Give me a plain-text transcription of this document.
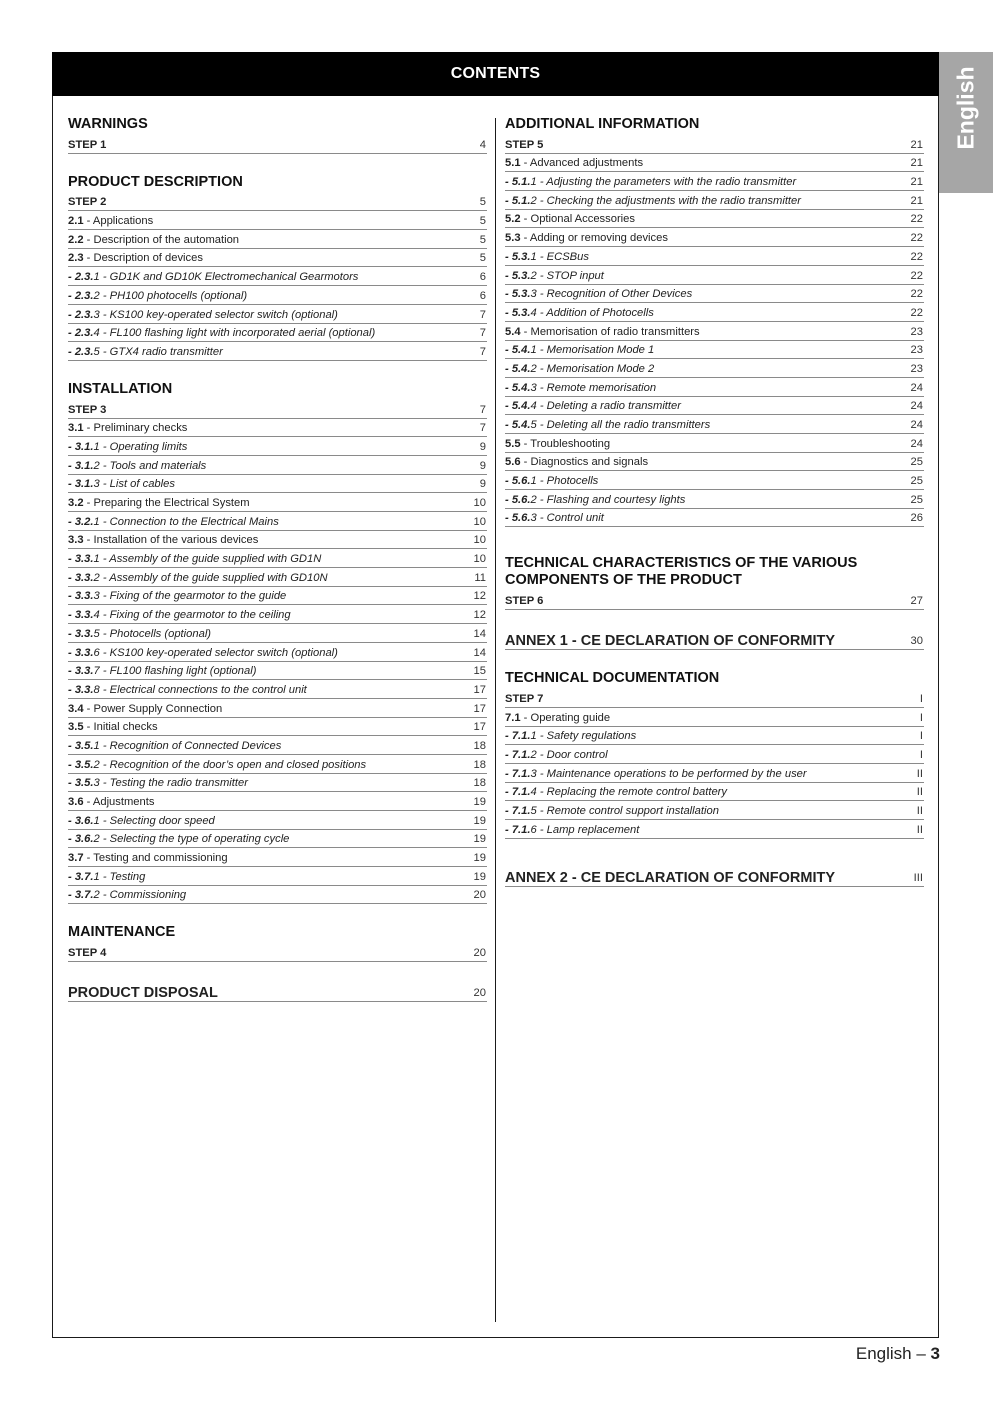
CONTENTS	English
WARNINGS
STEP 1	4
PRODUCT DESCRIPTION
STEP 2	5
2.1 - Applications	5
2.2 - Description of the automation	5
2.3 - Description of devices	5
- 2.3.1 - GD1K and GD10K Electromechanical Gearmotors	6
- 2.3.2 - PH100 photocells (optional)	6
- 2.3.3 - KS100 key-operated selector switch (optional)	7
- 2.3.4 - FL100 flashing light with incorporated aerial (optional)	7
- 2.3.5 - GTX4 radio transmitter	7
INSTALLATION
STEP 3	7
3.1 - Preliminary checks	7
- 3.1.1 - Operating limits	9
- 3.1.2 - Tools and materials	9
- 3.1.3 - List of cables	9
3.2 - Preparing the Electrical System	10
- 3.2.1 - Connection to the Electrical Mains	10
3.3 - Installation of the various devices	10
- 3.3.1 - Assembly of the guide supplied with GD1N	10
- 3.3.2 - Assembly of the guide supplied with GD10N	11
- 3.3.3 - Fixing of the gearmotor to the guide	12
- 3.3.4 - Fixing of the gearmotor to the ceiling	12
- 3.3.5 - Photocells (optional)	14
- 3.3.6 - KS100 key-operated selector switch (optional)	14
- 3.3.7 - FL100 flashing light (optional)	15
- 3.3.8 - Electrical connections to the control unit	17
3.4 - Power Supply Connection	17
3.5 - Initial checks	17
- 3.5.1 - Recognition of Connected Devices	18
- 3.5.2 - Recognition of the door’s open and closed positions	18
- 3.5.3 - Testing the radio transmitter	18
3.6 - Adjustments	19
- 3.6.1 - Selecting door speed	19
- 3.6.2 - Selecting the type of operating cycle	19
3.7 - Testing and commissioning	19
- 3.7.1 - Testing	19
- 3.7.2 - Commissioning	20
MAINTENANCE
STEP 4	20
PRODUCT DISPOSAL	20
ADDITIONAL INFORMATION
STEP 5	21
5.1 - Advanced adjustments	21
- 5.1.1 - Adjusting the parameters with the radio transmitter	21
- 5.1.2 - Checking the adjustments with the radio transmitter	21
5.2 - Optional Accessories	22
5.3 - Adding or removing devices	22
- 5.3.1 - ECSBus	22
- 5.3.2 - STOP input	22
- 5.3.3 - Recognition of Other Devices	22
- 5.3.4 - Addition of Photocells	22
5.4 - Memorisation of radio transmitters	23
- 5.4.1 - Memorisation Mode 1	23
- 5.4.2 - Memorisation Mode 2	23
- 5.4.3 - Remote memorisation	24
- 5.4.4 - Deleting a radio transmitter	24
- 5.4.5 - Deleting all the radio transmitters	24
5.5 - Troubleshooting	24
5.6 - Diagnostics and signals	25
- 5.6.1 - Photocells	25
- 5.6.2 - Flashing and courtesy lights	25
- 5.6.3 - Control unit	26
TECHNICAL CHARACTERISTICS OF THE VARIOUS
COMPONENTS OF THE PRODUCT
STEP 6	27
ANNEX 1 - CE DECLARATION OF CONFORMITY	30
TECHNICAL DOCUMENTATION
STEP 7	I
7.1 - Operating guide	I
- 7.1.1 - Safety regulations	I
- 7.1.2 - Door control	I
- 7.1.3 - Maintenance operations to be performed by the user	II
- 7.1.4 - Replacing the remote control battery	II
- 7.1.5 - Remote control support installation	II
- 7.1.6 - Lamp replacement	II
ANNEX 2 - CE DECLARATION OF CONFORMITY	III
English – 3
